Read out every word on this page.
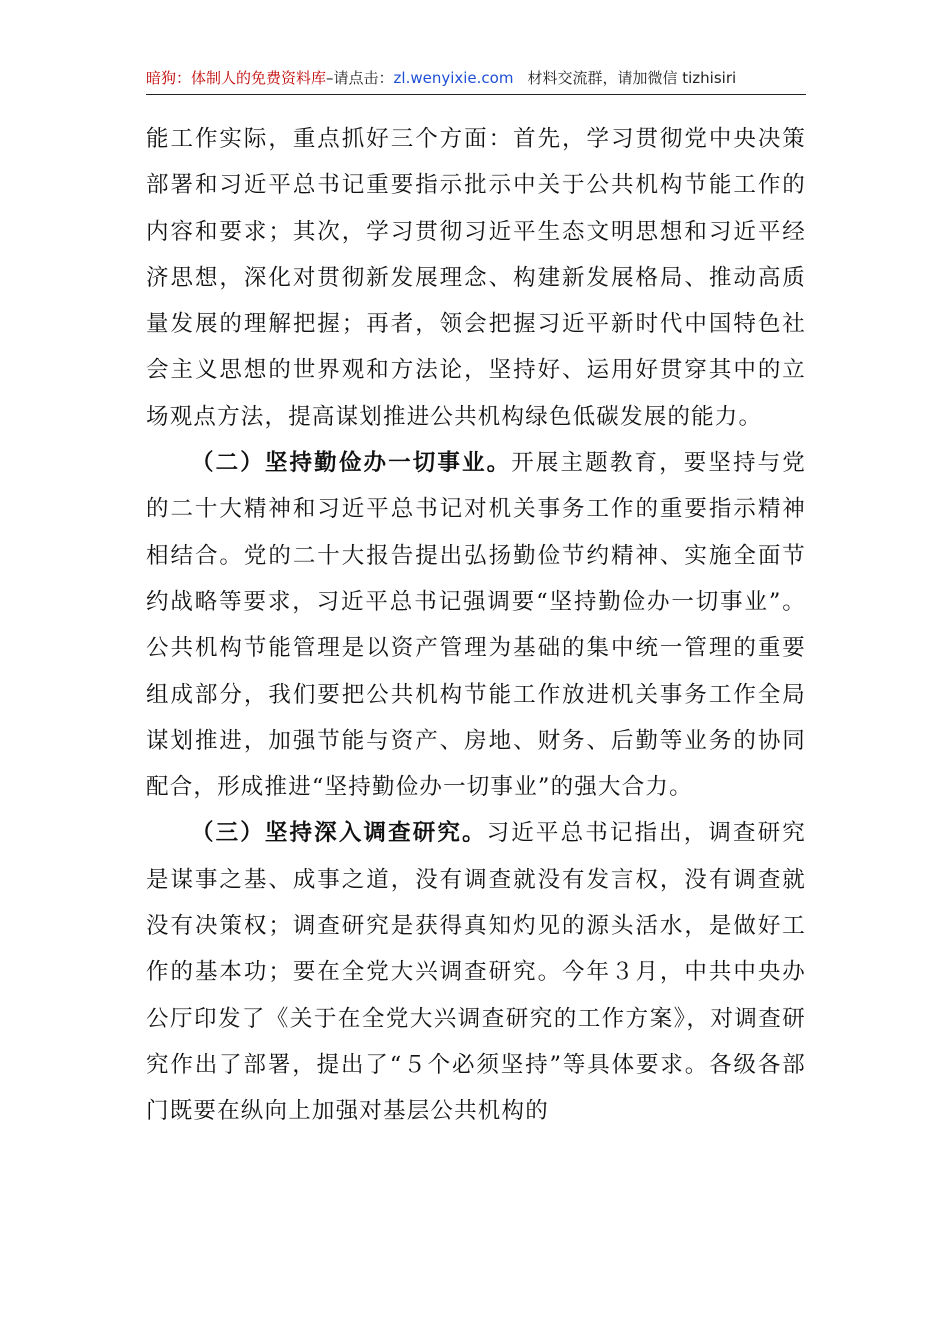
暗狗：体制人的免费资料库–请点击：zl.wenyixie.com 材料交流群，请加微信 tizhisiri

能工作实际，重点抓好三个方面：首先，学习贯彻党中央决策部署和习近平总书记重要指示批示中关于公共机构节能工作的内容和要求；其次，学习贯彻习近平生态文明思想和习近平经济思想，深化对贯彻新发展理念、构建新发展格局、推动高质量发展的理解把握；再者，领会把握习近平新时代中国特色社会主义思想的世界观和方法论，坚持好、运用好贯穿其中的立场观点方法，提高谋划推进公共机构绿色低碳发展的能力。

（二）坚持勤俭办一切事业。开展主题教育，要坚持与党的二十大精神和习近平总书记对机关事务工作的重要指示精神相结合。党的二十大报告提出弘扬勤俭节约精神、实施全面节约战略等要求，习近平总书记强调要“坚持勤俭办一切事业”。公共机构节能管理是以资产管理为基础的集中统一管理的重要组成部分，我们要把公共机构节能工作放进机关事务工作全局谋划推进，加强节能与资产、房地、财务、后勤等业务的协同配合，形成推进“坚持勤俭办一切事业”的强大合力。

（三）坚持深入调查研究。习近平总书记指出，调查研究是谋事之基、成事之道，没有调查就没有发言权，没有调查就没有决策权；调查研究是获得真知灼见的源头活水，是做好工作的基本功；要在全党大兴调查研究。今年３月，中共中央办公厅印发了《关于在全党大兴调查研究的工作方案》，对调查研究作出了部署，提出了“５个必须坚持”等具体要求。各级各部门既要在纵向上加强对基层公共机构的
